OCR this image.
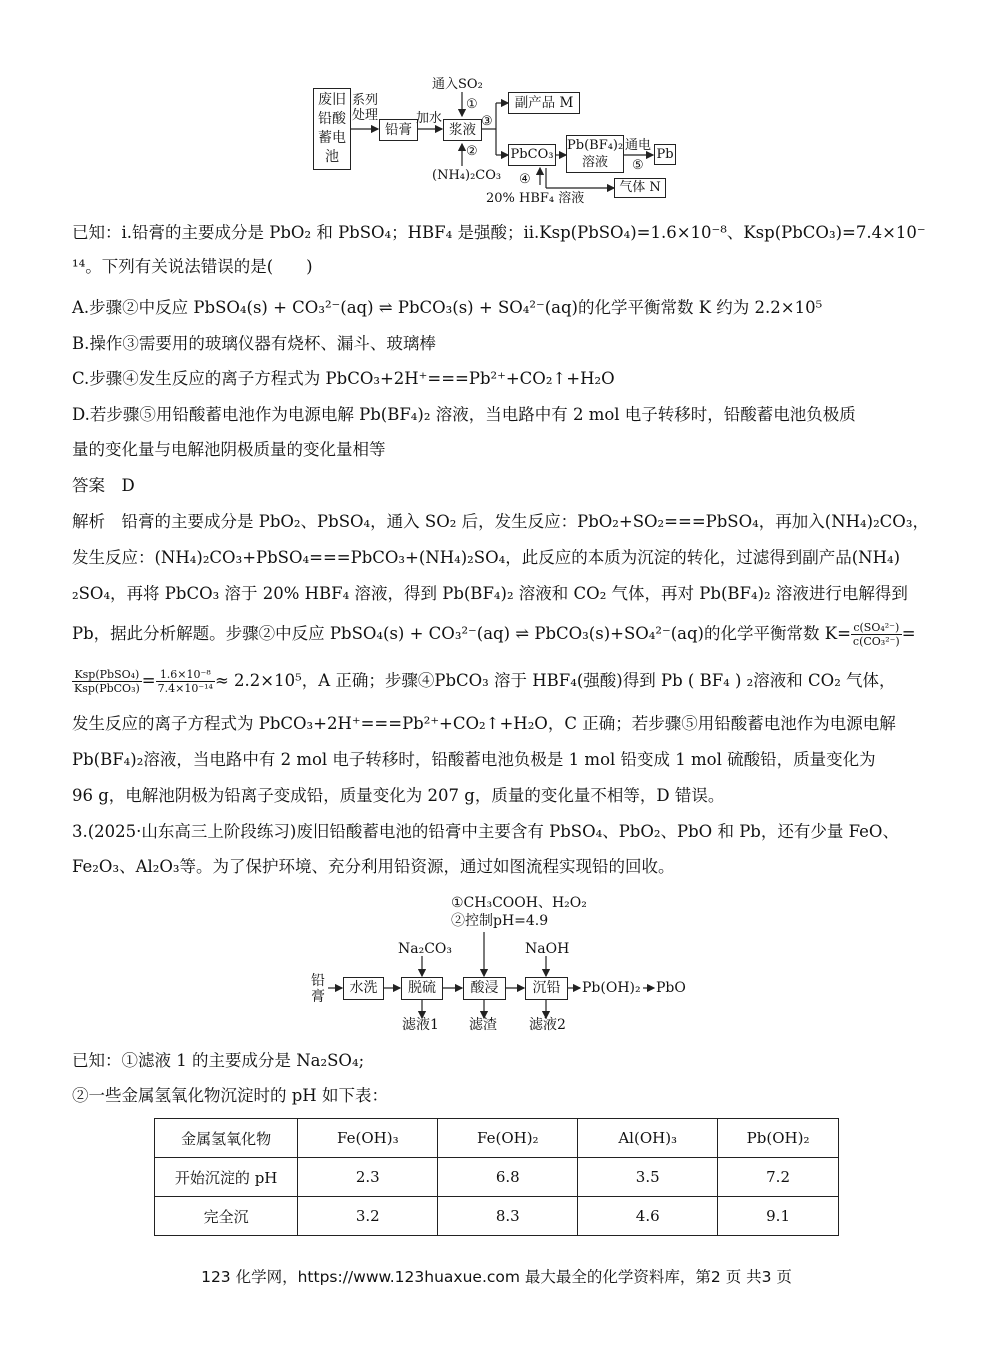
废旧铅酸蓄电池
系列
处理
铅膏
加水
浆液
通入SO₂
①
②
③
(NH₄)₂CO₃
副产品 M
PbCO₃
Pb(BF₄)₂
溶液
通电
⑤
Pb
④
20% HBF₄ 溶液
气体 N
已知：ⅰ.铅膏的主要成分是 PbO₂ 和 PbSO₄；HBF₄ 是强酸；ⅱ.Ksp(PbSO₄)=1.6×10⁻⁸、Ksp(PbCO₃)=7.4×10⁻
¹⁴。下列有关说法错误的是(　　)
A.步骤②中反应 PbSO₄(s) + CO₃²⁻(aq) ⇌ PbCO₃(s) + SO₄²⁻(aq)的化学平衡常数 K 约为 2.2×10⁵
B.操作③需要用的玻璃仪器有烧杯、漏斗、玻璃棒
C.步骤④发生反应的离子方程式为 PbCO₃+2H⁺===Pb²⁺+CO₂↑+H₂O
D.若步骤⑤用铅酸蓄电池作为电源电解 Pb(BF₄)₂ 溶液，当电路中有 2 mol 电子转移时，铅酸蓄电池负极质
量的变化量与电解池阴极质量的变化量相等
答案　D
解析　铅膏的主要成分是 PbO₂、PbSO₄，通入 SO₂ 后，发生反应：PbO₂+SO₂===PbSO₄，再加入(NH₄)₂CO₃，
发生反应：(NH₄)₂CO₃+PbSO₄===PbCO₃+(NH₄)₂SO₄，此反应的本质为沉淀的转化，过滤得到副产品(NH₄)
₂SO₄，再将 PbCO₃ 溶于 20% HBF₄ 溶液，得到 Pb(BF₄)₂ 溶液和 CO₂ 气体，再对 Pb(BF₄)₂ 溶液进行电解得到
Pb，据此分析解题。步骤②中反应 PbSO₄(s) + CO₃²⁻(aq) ⇌ PbCO₃(s)+SO₄²⁻(aq)的化学平衡常数 $K= \frac{\text{c(SO₄²⁻)}}{\text{c(CO₃²⁻)}}$ =
$\frac{\text{Ksp(PbSO₄)}}{\text{Ksp(PbCO₃)}} = \frac{\text{1.6×10⁻⁸}}{\text{7.4×10⁻¹⁴}} \approx 2.2\times 10^5$，A 正确；步骤④PbCO₃ 溶于 HBF₄(强酸)得到 Pb ( BF₄ ) ₂溶液和 CO₂ 气体，
发生反应的离子方程式为 PbCO₃+2H⁺===Pb²⁺+CO₂↑+H₂O，C 正确；若步骤⑤用铅酸蓄电池作为电源电解
Pb(BF₄)₂溶液，当电路中有 2 mol 电子转移时，铅酸蓄电池负极是 1 mol 铅变成 1 mol 硫酸铅，质量变化为
96 g，电解池阴极为铅离子变成铅，质量变化为 207 g，质量的变化量不相等，D 错误。
3.(2025·山东高三上阶段练习)废旧铅酸蓄电池的铅膏中主要含有 PbSO₄、PbO₂、PbO 和 Pb，还有少量 FeO、
Fe₂O₃、Al₂O₃等。为了保护环境、充分利用铅资源，通过如图流程实现铅的回收。
①CH₃COOH、H₂O₂
②控制pH=4.9
Na₂CO₃	NaOH
铅
膏
水洗	脱硫	酸浸	沉铅	Pb(OH)₂ PbO
滤液1 滤渣 滤液2
已知：①滤液 1 的主要成分是 Na₂SO₄;
②一些金属氢氧化物沉淀时的 pH 如下表：
金属氢氧化物	Fe(OH)₃	Fe(OH)₂	Al(OH)₃	Pb(OH)₂
开始沉淀的 pH	2.3	6.8	3.5	7.2
完全沉	3.2	8.3	4.6	9.1
123 化学网，https://www.123huaxue.com 最大最全的化学资料库，第2 页 共3 页
